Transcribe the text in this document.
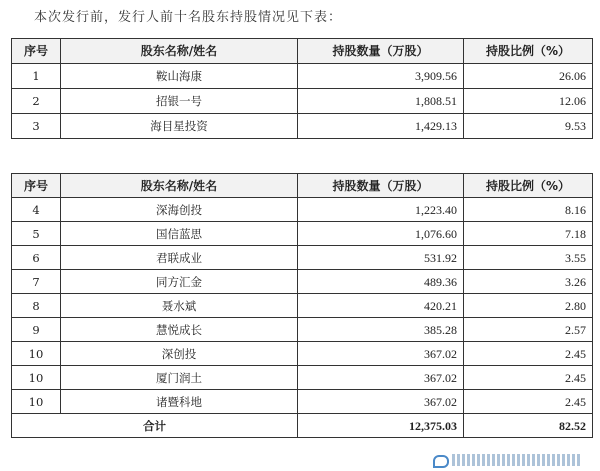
本次发行前，发行人前十名股东持股情况见下表：
序号	股东名称/姓名	持股数量（万股）	持股比例（%）
1	鞍山海康	3,909.56	26.06
2	招银一号	1,808.51	12.06
3	海目星投资	1,429.13	9.53
序号	股东名称/姓名	持股数量（万股）	持股比例（%）
4	深海创投	1,223.40	8.16
5	国信蓝思	1,076.60	7.18
6	君联成业	531.92	3.55
7	同方汇金	489.36	3.26
8	聂水斌	420.21	2.80
9	慧悦成长	385.28	2.57
10	深创投	367.02	2.45
10	厦门润土	367.02	2.45
10	诸暨科地	367.02	2.45
合计		12,375.03	82.52
